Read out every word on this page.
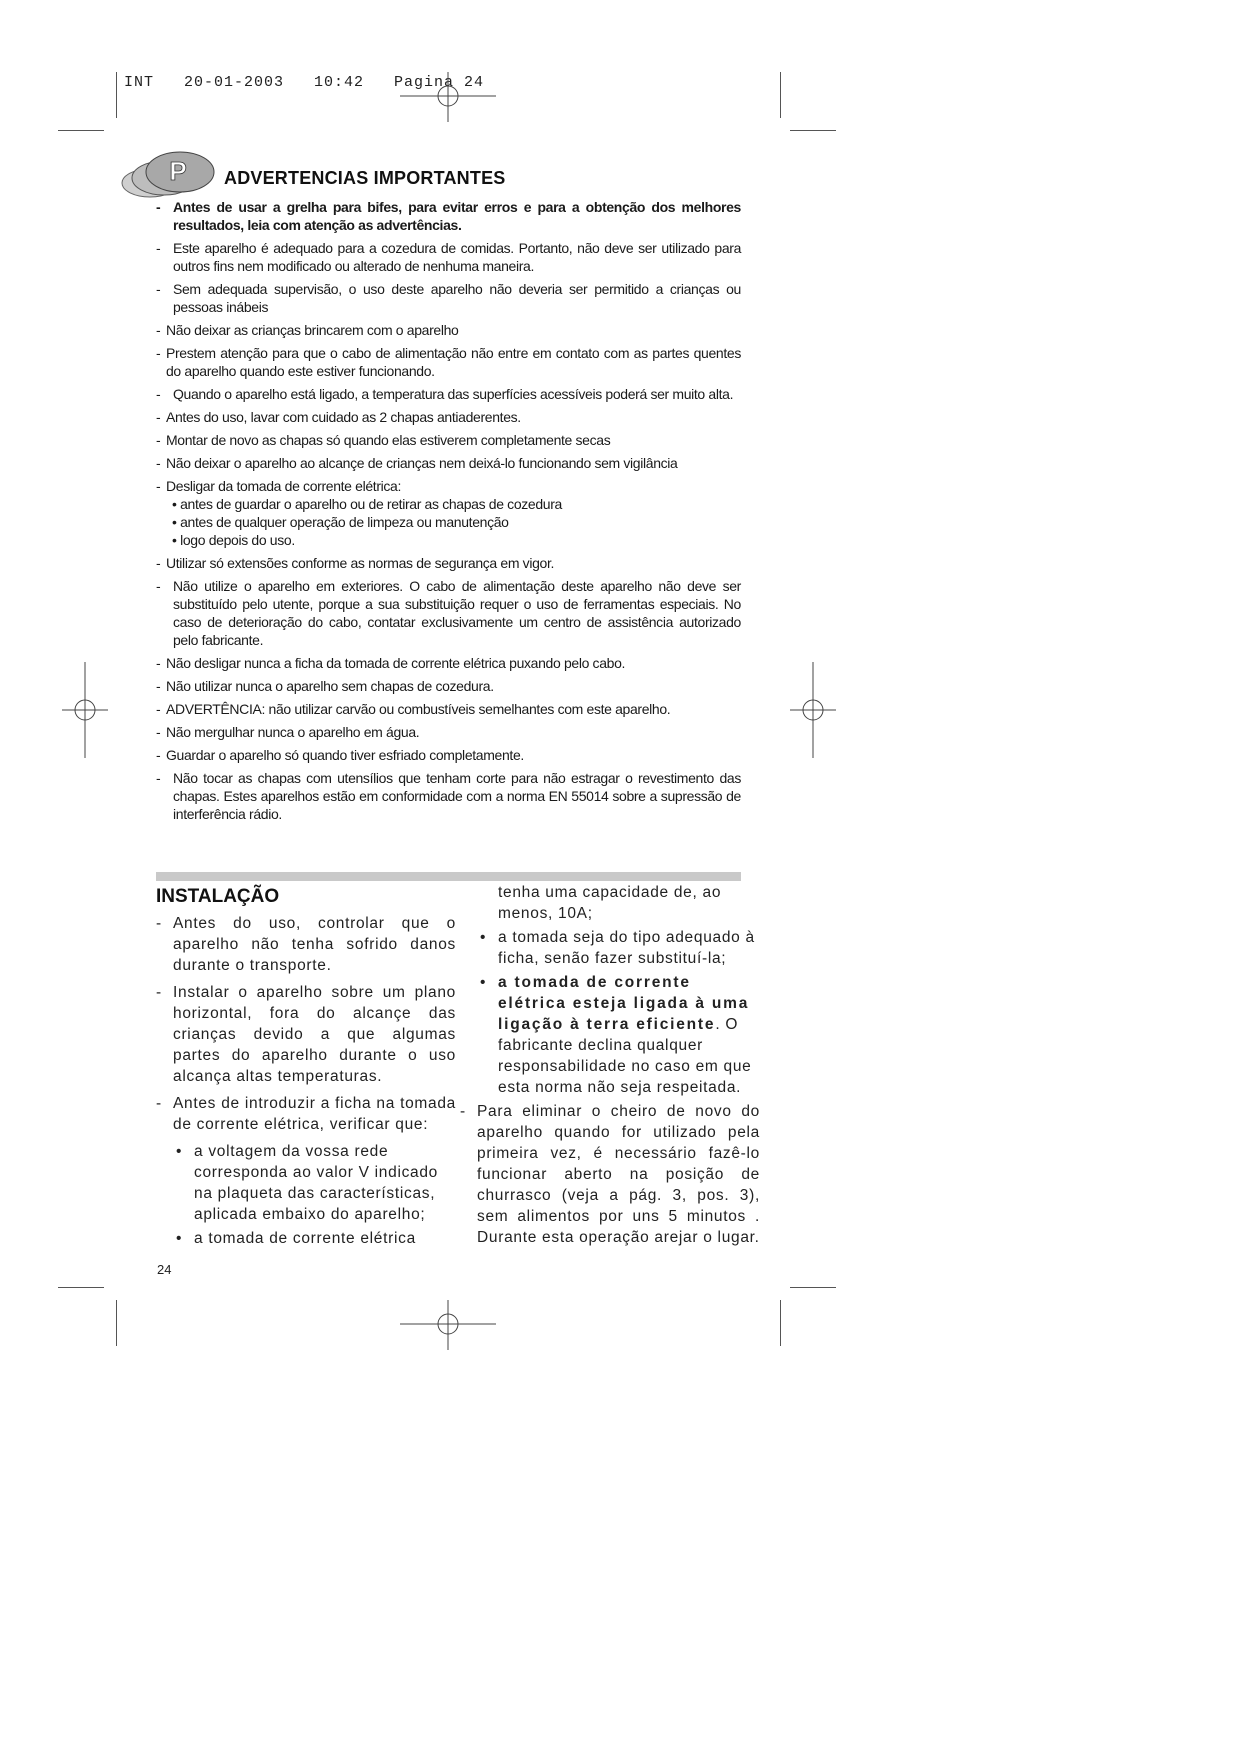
INT   20-01-2003   10:42   Pagina 24
P ADVERTENCIAS IMPORTANTES
- Antes de usar a grelha para bifes, para evitar erros e para a obtenção dos melhores resultados, leia com atenção as advertências.
- Este aparelho é adequado para a cozedura de comidas. Portanto, não deve ser utilizado para outros fins nem modificado ou alterado de nenhuma maneira.
- Sem adequada supervisão, o uso deste aparelho não deveria ser permitido a crianças ou pessoas inábeis
- Não deixar as crianças brincarem com o aparelho
- Prestem atenção para que o cabo de alimentação não entre em contato com as partes quentes do aparelho quando este estiver funcionando.
- Quando o aparelho está ligado, a temperatura das superfícies acessíveis poderá ser muito alta.
- Antes do uso, lavar com cuidado as 2 chapas antiaderentes.
- Montar de novo as chapas só quando elas estiverem completamente secas
- Não deixar o aparelho ao alcançe de crianças nem deixá-lo funcionando sem vigilância
- Desligar da tomada de corrente elétrica:
• antes de guardar o aparelho ou de retirar as chapas de cozedura
• antes de qualquer operação de limpeza ou manutenção
• logo depois do uso.
- Utilizar só extensões conforme as normas de segurança em vigor.
- Não utilize o aparelho em exteriores. O cabo de alimentação deste aparelho não deve ser substituído pelo utente, porque a sua substituição requer o uso de ferramentas especiais. No caso de deterioração do cabo, contatar exclusivamente um centro de assistência autorizado pelo fabricante.
- Não desligar nunca a ficha da tomada de corrente elétrica puxando pelo cabo.
- Não utilizar nunca o aparelho sem chapas de cozedura.
- ADVERTÊNCIA: não utilizar carvão ou combustíveis semelhantes com este aparelho.
- Não mergulhar nunca o aparelho em água.
- Guardar o aparelho só quando tiver esfriado completamente.
- Não tocar as chapas com utensílios que tenham corte para não estragar o revestimento das chapas. Estes aparelhos estão em conformidade com a norma EN 55014 sobre a supressão de interferência rádio.
INSTALAÇÃO
- Antes do uso, controlar que o aparelho não tenha sofrido danos durante o transporte.
- Instalar o aparelho sobre um plano horizontal, fora do alcançe das crianças devido a que algumas partes do aparelho durante o uso alcança altas temperaturas.
- Antes de introduzir a ficha na tomada de corrente elétrica, verificar que:
• a voltagem da vossa rede corresponda ao valor V indicado na plaqueta das características, aplicada embaixo do aparelho;
• a tomada de corrente elétrica
tenha uma capacidade de, ao menos, 10A;
• a tomada seja do tipo adequado à ficha, senão fazer substituí-la;
• a tomada de corrente elétrica esteja ligada à uma ligação à terra eficiente. O fabricante declina qualquer responsabilidade no caso em que esta norma não seja respeitada.
- Para eliminar o cheiro de novo do aparelho quando for utilizado pela primeira vez, é necessário fazê-lo funcionar aberto na posição de churrasco (veja a pág. 3, pos. 3), sem alimentos por uns 5 minutos . Durante esta operação arejar o lugar.
24
